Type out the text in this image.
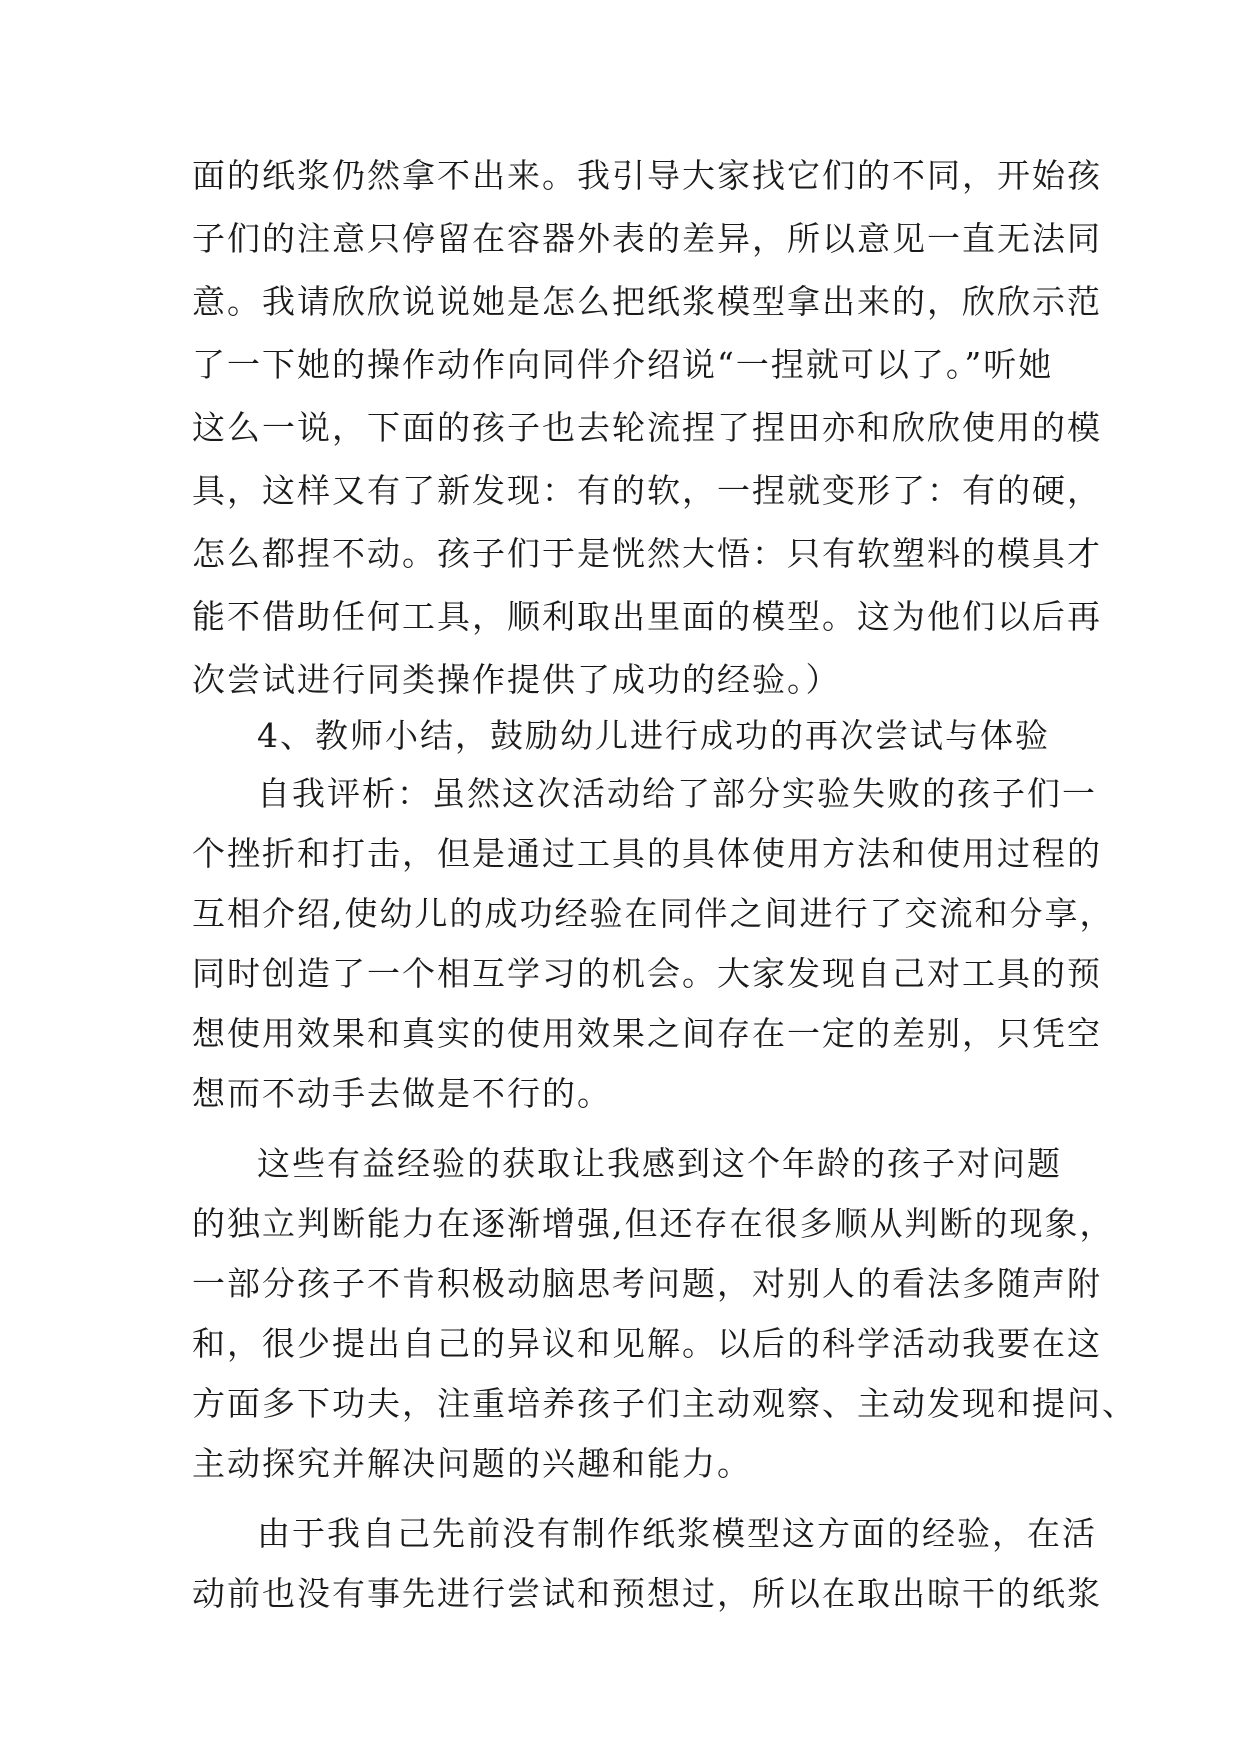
面的纸浆仍然拿不出来。我引导大家找它们的不同，开始孩
子们的注意只停留在容器外表的差异，所以意见一直无法同
意。我请欣欣说说她是怎么把纸浆模型拿出来的，欣欣示范
了一下她的操作动作向同伴介绍说“一捏就可以了。”听她
这么一说，下面的孩子也去轮流捏了捏田亦和欣欣使用的模
具，这样又有了新发现：有的软，一捏就变形了：有的硬，
怎么都捏不动。孩子们于是恍然大悟：只有软塑料的模具才
能不借助任何工具，顺利取出里面的模型。这为他们以后再
次尝试进行同类操作提供了成功的经验。）
4、教师小结，鼓励幼儿进行成功的再次尝试与体验
自我评析：虽然这次活动给了部分实验失败的孩子们一
个挫折和打击，但是通过工具的具体使用方法和使用过程的
互相介绍,使幼儿的成功经验在同伴之间进行了交流和分享，
同时创造了一个相互学习的机会。大家发现自己对工具的预
想使用效果和真实的使用效果之间存在一定的差别，只凭空
想而不动手去做是不行的。
这些有益经验的获取让我感到这个年龄的孩子对问题
的独立判断能力在逐渐增强,但还存在很多顺从判断的现象，
一部分孩子不肯积极动脑思考问题，对别人的看法多随声附
和，很少提出自己的异议和见解。以后的科学活动我要在这
方面多下功夫，注重培养孩子们主动观察、主动发现和提问、
主动探究并解决问题的兴趣和能力。
由于我自己先前没有制作纸浆模型这方面的经验，在活
动前也没有事先进行尝试和预想过，所以在取出晾干的纸浆
